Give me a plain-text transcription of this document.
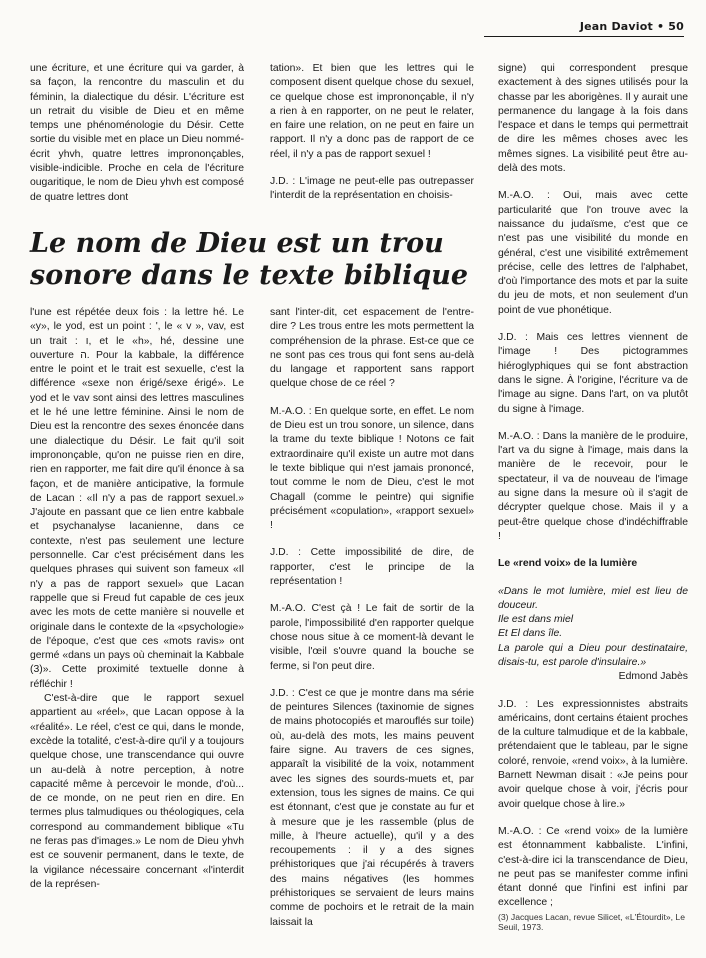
Jean Daviot • 50

une écriture, et une écriture qui va garder, à sa façon, la rencontre du masculin et du féminin, la dialectique du désir. L'écriture est un retrait du visible de Dieu et en même temps une phénoménologie du Désir. Cette sortie du visible met en place un Dieu nommé-écrit yhvh, quatre lettres imprononçables, visible-indicible. Proche en cela de l'écriture ougaritique, le nom de Dieu yhvh est composé de quatre lettres dont

tation». Et bien que les lettres qui le composent disent quelque chose du sexuel, ce quelque chose est imprononçable, il n'y a rien à en rapporter, on ne peut le relater, en faire une relation, on ne peut en faire un rapport. Il n'y a donc pas de rapport de ce réel, il n'y a pas de rapport sexuel !

J.D. : L'image ne peut-elle pas outrepasser l'interdit de la représentation en choisis-

Le nom de Dieu est un trou
sonore dans le texte biblique

l'une est répétée deux fois : la lettre hé. Le «y», le yod, est un point : ', le « v », vav, est un trait : ו, et le «h», hé, dessine une ouverture ה. Pour la kabbale, la différence entre le point et le trait est sexuelle, c'est la différence «sexe non érigé/sexe érigé». Le yod et le vav sont ainsi des lettres masculines et le hé une lettre féminine. Ainsi le nom de Dieu est la rencontre des sexes énoncée dans une dialectique du Désir. Le fait qu'il soit imprononçable, qu'on ne puisse rien en dire, rien en rapporter, me fait dire qu'il énonce à sa façon, et de manière anticipative, la formule de Lacan : «Il n'y a pas de rapport sexuel.» J'ajoute en passant que ce lien entre kabbale et psychanalyse lacanienne, dans ce contexte, n'est pas seulement une lecture personnelle. Car c'est précisément dans les quelques phrases qui suivent son fameux «Il n'y a pas de rapport sexuel» que Lacan rappelle que si Freud fut capable de ces jeux avec les mots de cette manière si nouvelle et originale dans le contexte de la «psychologie» de l'époque, c'est que ces «mots ravis» ont germé «dans un pays où cheminait la Kabbale (3)». Cette proximité textuelle donne à réfléchir !

C'est-à-dire que le rapport sexuel appartient au «réel», que Lacan oppose à la «réalité». Le réel, c'est ce qui, dans le monde, excède la totalité, c'est-à-dire qu'il y a toujours quelque chose, une transcendance qui ouvre un au-delà à notre perception, à notre capacité même à percevoir le monde, d'où... de ce monde, on ne peut rien en dire. En termes plus talmudiques ou théologiques, cela correspond au commandement biblique «Tu ne feras pas d'images.» Le nom de Dieu yhvh est ce souvenir permanent, dans le texte, de la vigilance nécessaire concernant «l'interdit de la représen-

sant l'inter-dit, cet espacement de l'entre-dire ? Les trous entre les mots permettent la compréhension de la phrase. Est-ce que ce ne sont pas ces trous qui font sens au-delà du langage et rapportent sans rapport quelque chose de ce réel ?

M.-A.O. : En quelque sorte, en effet. Le nom de Dieu est un trou sonore, un silence, dans la trame du texte biblique ! Notons ce fait extraordinaire qu'il existe un autre mot dans le texte biblique qui n'est jamais prononcé, tout comme le nom de Dieu, c'est le mot Chagall (comme le peintre) qui signifie précisément «copulation», «rapport sexuel» !

J.D. : Cette impossibilité de dire, de rapporter, c'est le principe de la représentation !

M.-A.O. C'est çà ! Le fait de sortir de la parole, l'impossibilité d'en rapporter quelque chose nous situe à ce moment-là devant le visible, l'œil s'ouvre quand la bouche se ferme, si l'on peut dire.

J.D. : C'est ce que je montre dans ma série de peintures Silences (taxinomie de signes de mains photocopiés et marouflés sur toile) où, au-delà des mots, les mains peuvent faire signe. Au travers de ces signes, apparaît la visibilité de la voix, notamment avec les signes des sourds-muets et, par extension, tous les signes de mains. Ce qui est étonnant, c'est que je constate au fur et à mesure que je les rassemble (plus de mille, à l'heure actuelle), qu'il y a des recoupements : il y a des signes préhistoriques que j'ai récupérés à travers des mains négatives (les hommes préhistoriques se servaient de leurs mains comme de pochoirs et le retrait de la main laissait la

signe) qui correspondent presque exactement à des signes utilisés pour la chasse par les aborigènes. Il y aurait une permanence du langage à la fois dans l'espace et dans le temps qui permettrait de dire les mêmes choses avec les mêmes signes. La visibilité peut être au-delà des mots.

M.-A.O. : Oui, mais avec cette particularité que l'on trouve avec la naissance du judaïsme, c'est que ce n'est pas une visibilité du monde en général, c'est une visibilité extrêmement précise, celle des lettres de l'alphabet, d'où l'importance des mots et par la suite du jeu de mots, et non seulement d'un point de vue phonétique.

J.D. : Mais ces lettres viennent de l'image ! Des pictogrammes hiéroglyphiques qui se font abstraction dans le signe. À l'origine, l'écriture va de l'image au signe. Dans l'art, on va plutôt du signe à l'image.

M.-A.O. : Dans la manière de le produire, l'art va du signe à l'image, mais dans la manière de le recevoir, pour le spectateur, il va de nouveau de l'image au signe dans la mesure où il s'agit de décrypter quelque chose. Mais il y a peut-être quelque chose d'indéchiffrable !

Le «rend voix» de la lumière

«Dans le mot lumière, miel est lieu de douceur.

Ile est dans miel

Et El dans île.

La parole qui a Dieu pour destinataire, disais-tu, est parole d'insulaire.»

Edmond Jabès

J.D. : Les expressionnistes abstraits américains, dont certains étaient proches de la culture talmudique et de la kabbale, prétendaient que le tableau, par le signe coloré, renvoie, «rend voix», à la lumière. Barnett Newman disait : «Je peins pour avoir quelque chose à voir, j'écris pour avoir quelque chose à lire.»

M.-A.O. : Ce «rend voix» de la lumière est étonnamment kabbaliste. L'infini, c'est-à-dire ici la transcendance de Dieu, ne peut pas se manifester comme infini étant donné que l'infini est infini par excellence ;

(3) Jacques Lacan, revue Silicet, «L'Étourdit», Le Seuil, 1973.
